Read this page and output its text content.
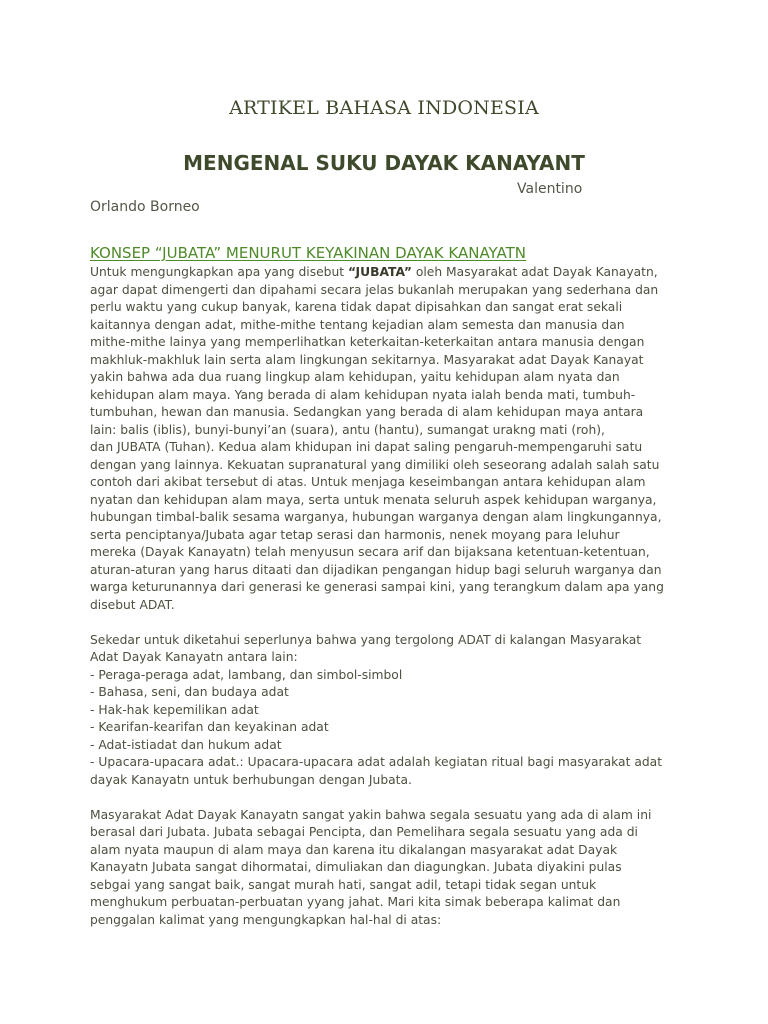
ARTIKEL BAHASA INDONESIA
MENGENAL SUKU DAYAK KANAYANT
Valentino
Orlando Borneo
KONSEP “JUBATA” MENURUT KEYAKINAN DAYAK KANAYATN

Untuk mengungkapkan apa yang disebut “JUBATA” oleh Masyarakat adat Dayak Kanayatn,
agar dapat dimengerti dan dipahami secara jelas bukanlah merupakan yang sederhana dan
perlu waktu yang cukup banyak, karena tidak dapat dipisahkan dan sangat erat sekali
kaitannya dengan adat, mithe-mithe tentang kejadian alam semesta dan manusia dan
mithe-mithe lainya yang memperlihatkan keterkaitan-keterkaitan antara manusia dengan
makhluk-makhluk lain serta alam lingkungan sekitarnya. Masyarakat adat Dayak Kanayat
yakin bahwa ada dua ruang lingkup alam kehidupan, yaitu kehidupan alam nyata dan
kehidupan alam maya. Yang berada di alam kehidupan nyata ialah benda mati, tumbuh-
tumbuhan, hewan dan manusia. Sedangkan yang berada di alam kehidupan maya antara
lain: balis (iblis), bunyi-bunyi’an (suara), antu (hantu), sumangat urakng mati (roh),
dan JUBATA (Tuhan). Kedua alam khidupan ini dapat saling pengaruh-mempengaruhi satu
dengan yang lainnya. Kekuatan supranatural yang dimiliki oleh seseorang adalah salah satu
contoh dari akibat tersebut di atas. Untuk menjaga keseimbangan antara kehidupan alam
nyatan dan kehidupan alam maya, serta untuk menata seluruh aspek kehidupan warganya,
hubungan timbal-balik sesama warganya, hubungan warganya dengan alam lingkungannya,
serta penciptanya/Jubata agar tetap serasi dan harmonis, nenek moyang para leluhur
mereka (Dayak Kanayatn) telah menyusun secara arif dan bijaksana ketentuan-ketentuan,
aturan-aturan yang harus ditaati dan dijadikan pengangan hidup bagi seluruh warganya dan
warga keturunannya dari generasi ke generasi sampai kini, yang terangkum dalam apa yang
disebut ADAT.

Sekedar untuk diketahui seperlunya bahwa yang tergolong ADAT di kalangan Masyarakat
Adat Dayak Kanayatn antara lain:
- Peraga-peraga adat, lambang, dan simbol-simbol
- Bahasa, seni, dan budaya adat
- Hak-hak kepemilikan adat
- Kearifan-kearifan dan keyakinan adat
- Adat-istiadat dan hukum adat
- Upacara-upacara adat.: Upacara-upacara adat adalah kegiatan ritual bagi masyarakat adat
dayak Kanayatn untuk berhubungan dengan Jubata.

Masyarakat Adat Dayak Kanayatn sangat yakin bahwa segala sesuatu yang ada di alam ini
berasal dari Jubata. Jubata sebagai Pencipta, dan Pemelihara segala sesuatu yang ada di
alam nyata maupun di alam maya dan karena itu dikalangan masyarakat adat Dayak
Kanayatn Jubata sangat dihormatai, dimuliakan dan diagungkan. Jubata diyakini pulas
sebgai yang sangat baik, sangat murah hati, sangat adil, tetapi tidak segan untuk
menghukum perbuatan-perbuatan yyang jahat. Mari kita simak beberapa kalimat dan
penggalan kalimat yang mengungkapkan hal-hal di atas:
